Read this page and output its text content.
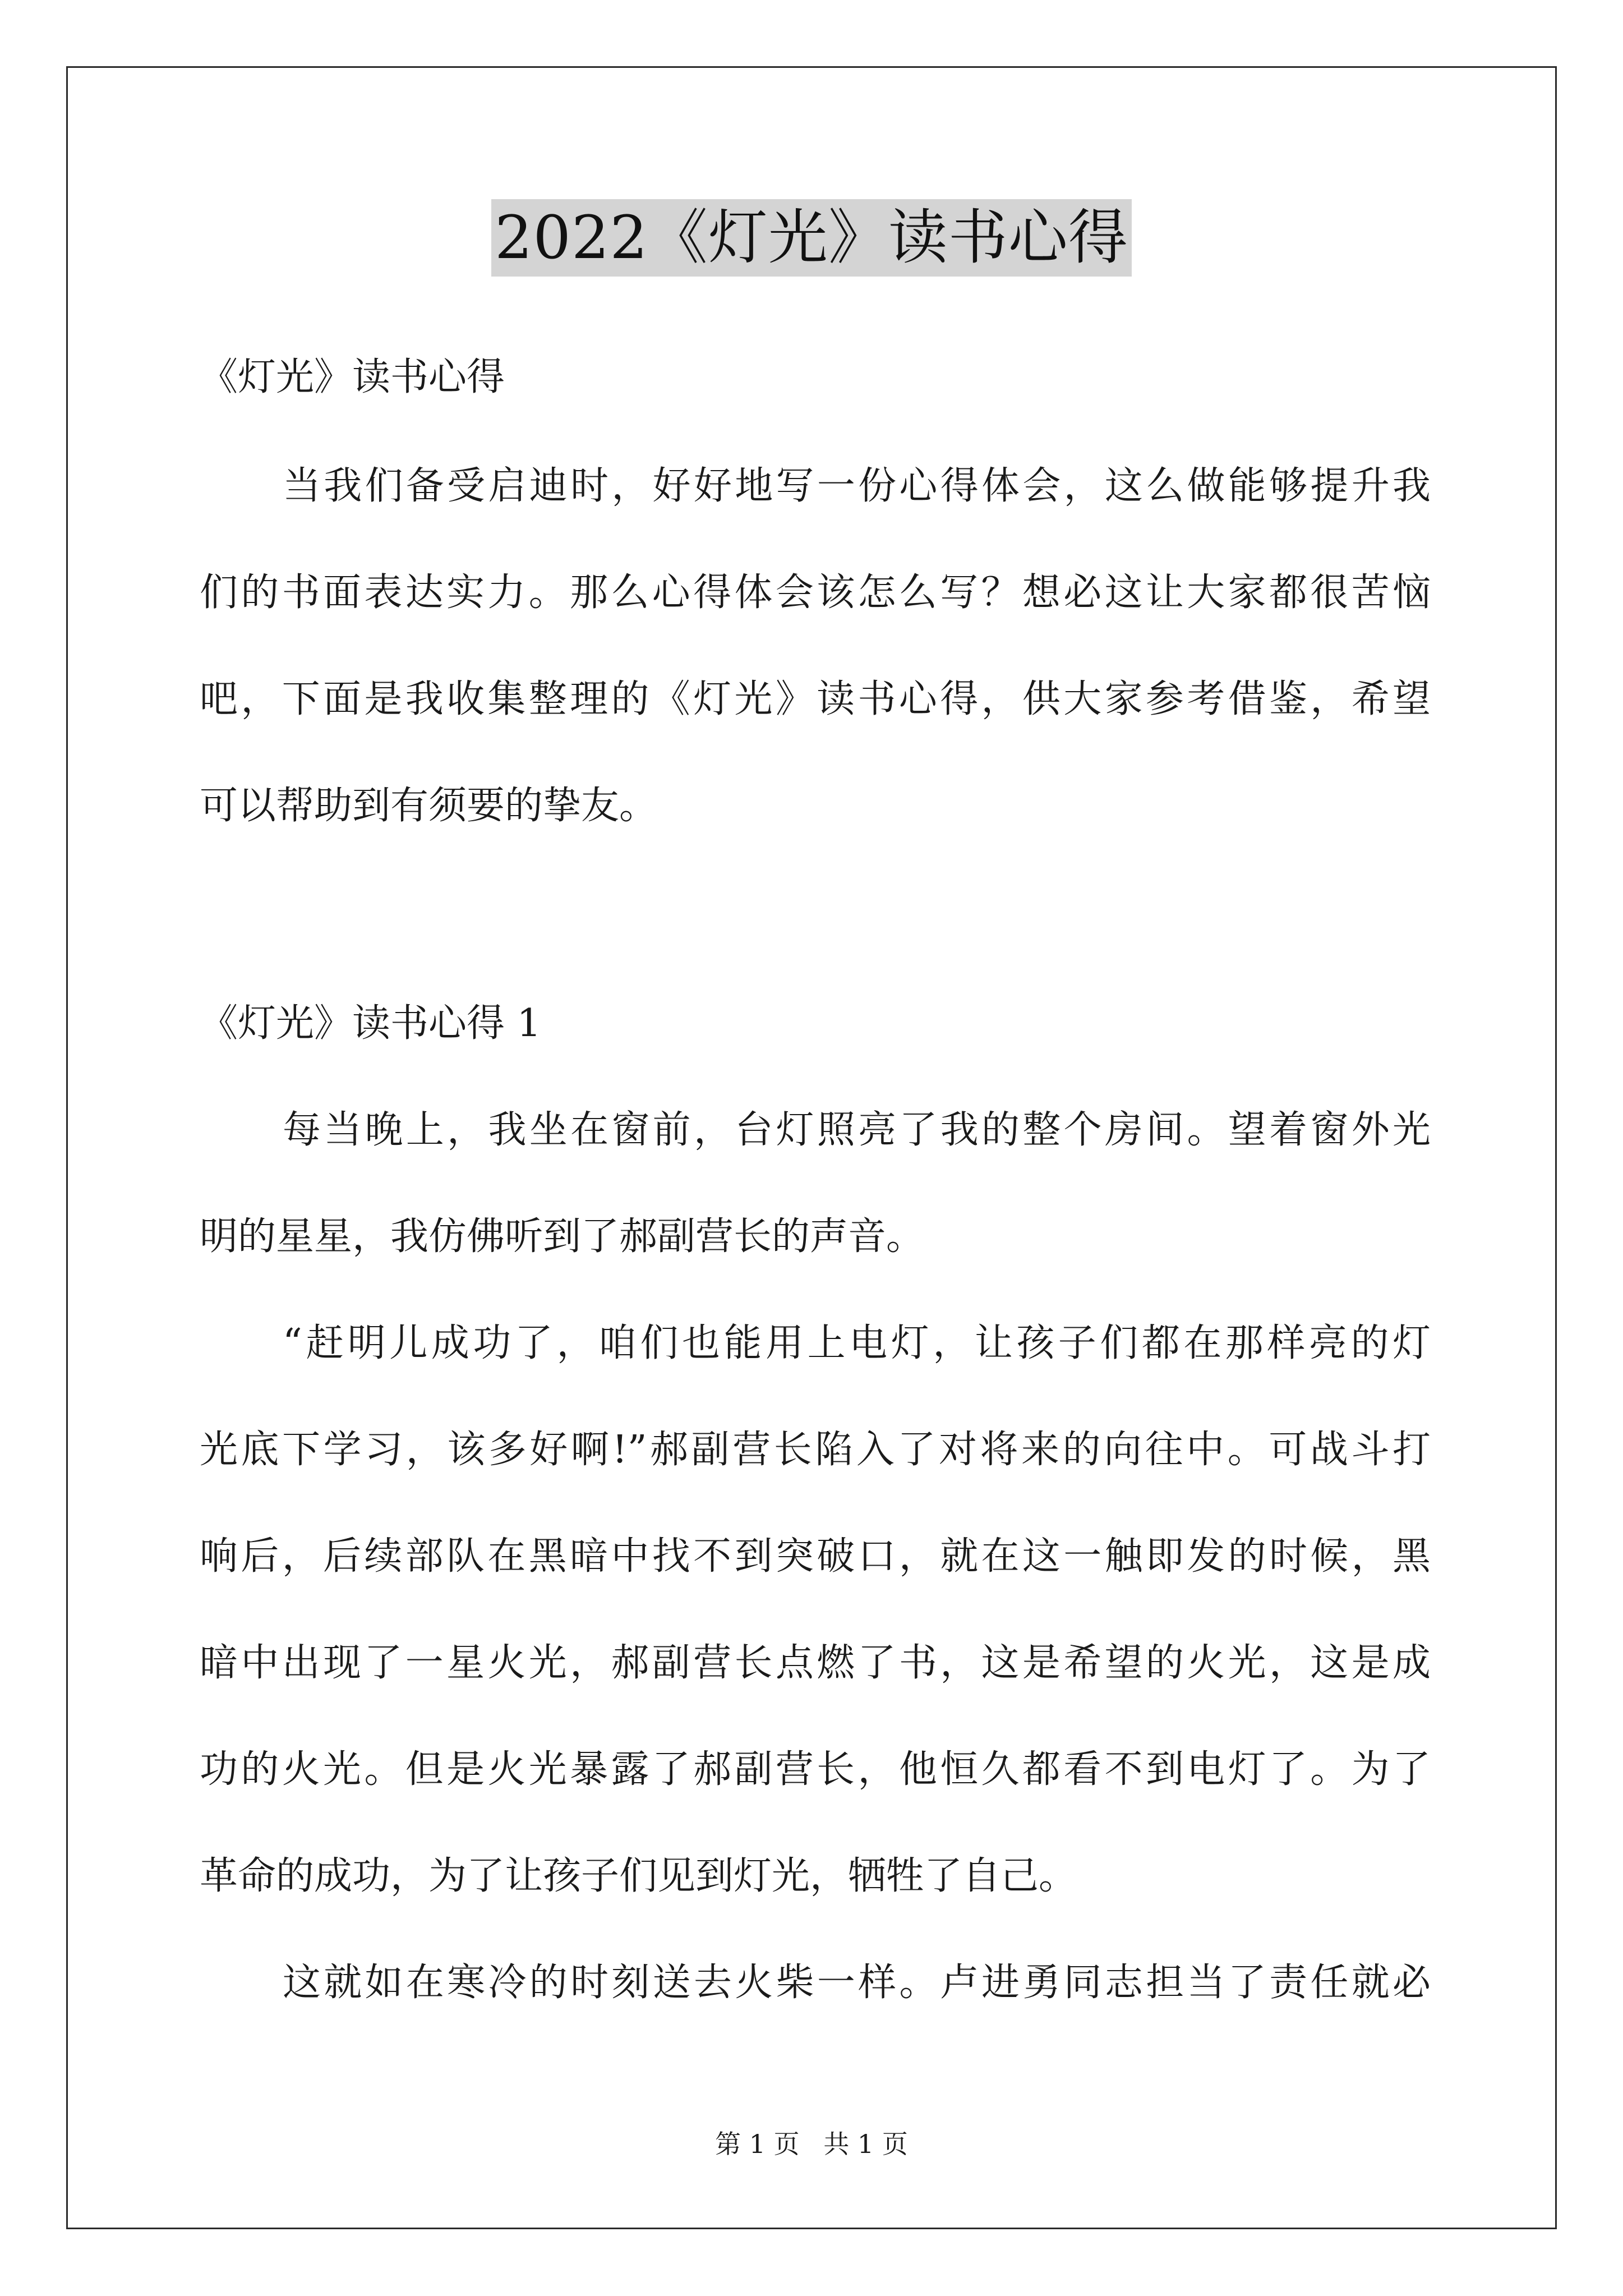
2022《灯光》读书心得
《灯光》读书心得
当我们备受启迪时，好好地写一份心得体会，这么做能够提升我
们的书面表达实力。那么心得体会该怎么写？想必这让大家都很苦恼
吧，下面是我收集整理的《灯光》读书心得，供大家参考借鉴，希望
可以帮助到有须要的挚友。
《灯光》读书心得 1
每当晚上，我坐在窗前，台灯照亮了我的整个房间。望着窗外光
明的星星，我仿佛听到了郝副营长的声音。
“赶明儿成功了，咱们也能用上电灯，让孩子们都在那样亮的灯
光底下学习，该多好啊!”郝副营长陷入了对将来的向往中。可战斗打
响后，后续部队在黑暗中找不到突破口，就在这一触即发的时候，黑
暗中出现了一星火光，郝副营长点燃了书，这是希望的火光，这是成
功的火光。但是火光暴露了郝副营长，他恒久都看不到电灯了。为了
革命的成功，为了让孩子们见到灯光，牺牲了自己。
这就如在寒冷的时刻送去火柴一样。卢进勇同志担当了责任就必
第 1 页 共 1 页
